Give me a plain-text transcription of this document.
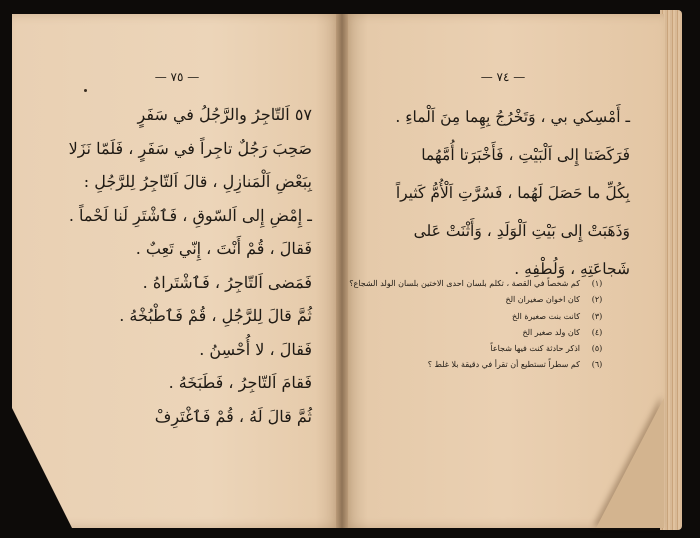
— ٧٥ —
٥٧ اَلتّاجِرُ والرَّجُلُ في سَفَرٍ
صَحِبَ رَجُلٌ تاجِراً في سَفَرٍ ، فَلَمّا نَزَلا
بِبَعْضِ اَلْمَنازِلِ ، قالَ اَلتّاجِرُ لِلرَّجُلِ :
ـ إِمْضِ إِلى اَلسّوقِ ، فَٱشْتَرِ لَنا لَحْماً .
فَقالَ ، قُمْ أَنْتَ ، إِنّي تَعِبٌ .
فَمَضى اَلتّاجِرُ ، فَٱشْتَراهُ .
ثُمَّ قالَ لِلرَّجُلِ ، قُمْ فَٱطْبُخْهُ .
فَقالَ ، لا أُحْسِنُ .
فَقامَ اَلتّاجِرُ ، فَطَبَخَهُ .
ثُمَّ قالَ لَهُ ، قُمْ فَٱغْتَرِفْ
— ٧٤ —
ـ أَمْسِكي بي ، وَتَخْرُجُ بِهِما مِنَ اَلْماءِ .
فَرَكَضَتا إِلى اَلْبَيْتِ ، فَأَخْبَرَتا أُمَّهُما
بِكُلِّ ما حَصَلَ لَهُما ، فَسُرَّتِ اَلْأُمُّ كَثيراً
وَذَهَبَتْ إِلى بَيْتِ اَلْوَلَدِ ، وَأَثْنَتْ عَلى
شَجاعَتِهِ ، وَلُطْفِهِ .
(١)
كم شخصاً في القصة ، تكلم بلسان احدى الاختين بلسان الولد الشجاع؟
(٢)
كان اخوان صغيران الخ
(٣)
كانت بنت صغيرة الخ
(٤)
كان ولد صغير الخ
(٥)
اذكر حادثة كنت فيها شجاعاً
(٦)
كم سطراً تستطيع أن تقرأ في دقيقة بلا غلط ؟
